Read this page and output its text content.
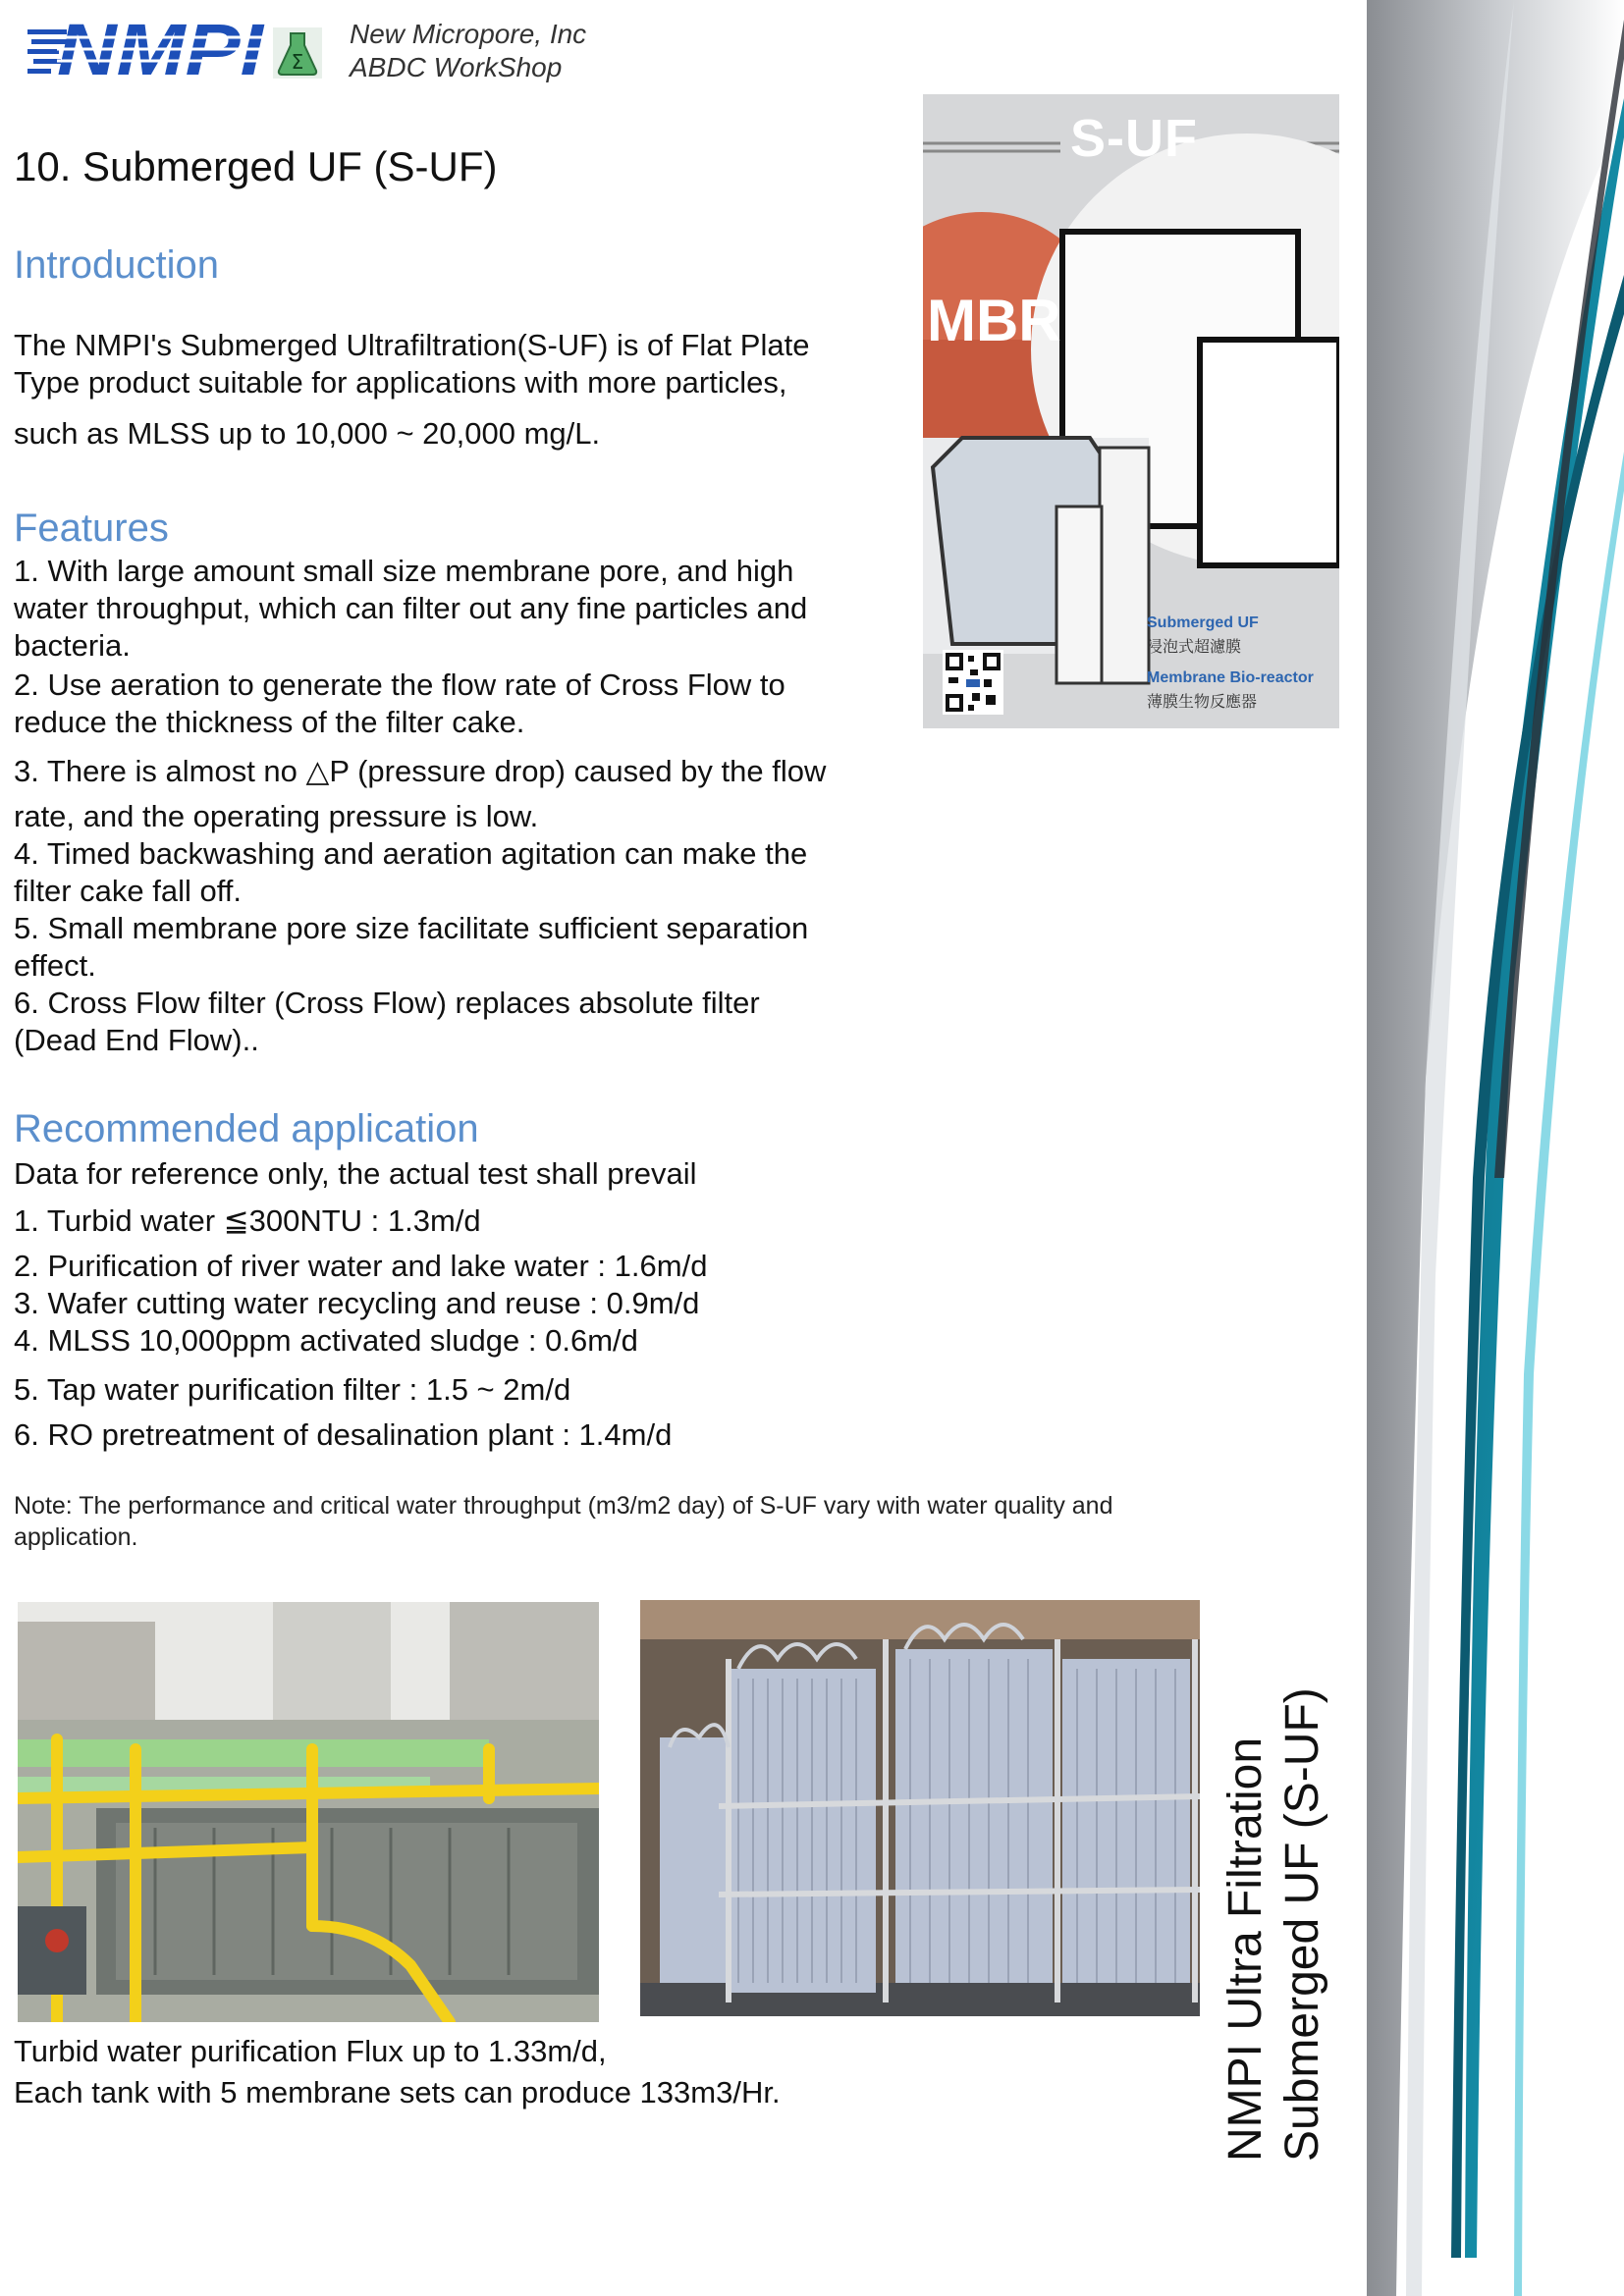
NMPI Σ
New Micropore, Inc
ABDC WorkShop
10. Submerged UF (S-UF)
Introduction
The NMPI's Submerged Ultrafiltration(S-UF) is of Flat Plate
Type product suitable for applications with more particles,
such as MLSS up to 10,000 ~ 20,000 mg/L.
Features
1. With large amount small size membrane pore, and high
water throughput, which can filter out any fine particles and
bacteria.
2. Use aeration to generate the flow rate of Cross Flow to
reduce the thickness of the filter cake.
3. There is almost no △P (pressure drop) caused by the flow
rate, and the operating pressure is low.
4. Timed backwashing and aeration agitation can make the
filter cake fall off.
5. Small membrane pore size facilitate sufficient separation
effect.
6. Cross Flow filter (Cross Flow) replaces absolute filter
(Dead End Flow)..
Recommended application
Data for reference only, the actual test shall prevail
1. Turbid water ≦300NTU : 1.3m/d
2. Purification of river water and lake water : 1.6m/d
3. Wafer cutting water recycling and reuse : 0.9m/d
4. MLSS 10,000ppm activated sludge : 0.6m/d
5. Tap water purification filter : 1.5 ~ 2m/d
6. RO pretreatment of desalination plant : 1.4m/d
Note: The performance and critical water throughput (m3/m2 day) of S-UF vary with water quality and application.
S-UF
MBR
Submerged UF
浸泡式超濾膜
Membrane Bio-reactor
薄膜生物反應器
Turbid water purification Flux up to 1.33m/d,
Each tank with 5 membrane sets can produce 133m3/Hr.	NMPI Ultra Filtration Submerged UF (S-UF)
